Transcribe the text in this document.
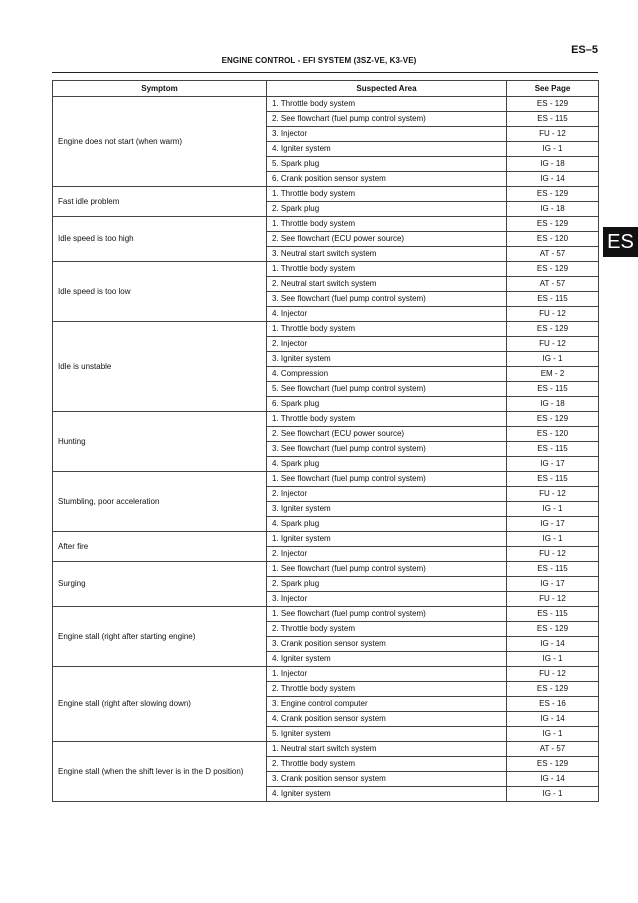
ES–5
ENGINE CONTROL - EFI SYSTEM (3SZ-VE, K3-VE)
ES
Symptom	Suspected Area	See Page
Engine does not start (when warm)	1. Throttle body system	ES - 129
	2. See flowchart (fuel pump control system)	ES - 115
	3. Injector	FU - 12
	4. Igniter system	IG - 1
	5. Spark plug	IG - 18
	6. Crank position sensor system	IG - 14
Fast idle problem	1. Throttle body system	ES - 129
	2. Spark plug	IG - 18
Idle speed is too high	1. Throttle body system	ES - 129
	2. See flowchart (ECU power source)	ES - 120
	3. Neutral start switch system	AT - 57
Idle speed is too low	1. Throttle body system	ES - 129
	2. Neutral start switch system	AT - 57
	3. See flowchart (fuel pump control system)	ES - 115
	4. Injector	FU - 12
Idle is unstable	1. Throttle body system	ES - 129
	2. Injector	FU - 12
	3. Igniter system	IG - 1
	4. Compression	EM - 2
	5. See flowchart (fuel pump control system)	ES - 115
	6. Spark plug	IG - 18
Hunting	1. Throttle body system	ES - 129
	2. See flowchart (ECU power source)	ES - 120
	3. See flowchart (fuel pump control system)	ES - 115
	4. Spark plug	IG - 17
Stumbling, poor acceleration	1. See flowchart (fuel pump control system)	ES - 115
	2. Injector	FU - 12
	3. Igniter system	IG - 1
	4. Spark plug	IG - 17
After fire	1. Igniter system	IG - 1
	2. Injector	FU - 12
Surging	1. See flowchart (fuel pump control system)	ES - 115
	2. Spark plug	IG - 17
	3. Injector	FU - 12
Engine stall (right after starting engine)	1. See flowchart (fuel pump control system)	ES - 115
	2. Throttle body system	ES - 129
	3. Crank position sensor system	IG - 14
	4. Igniter system	IG - 1
Engine stall (right after slowing down)	1. Injector	FU - 12
	2. Throttle body system	ES - 129
	3. Engine control computer	ES - 16
	4. Crank position sensor system	IG - 14
	5. Igniter system	IG - 1
Engine stall (when the shift lever is in the D position)	1. Neutral start switch system	AT - 57
	2. Throttle body system	ES - 129
	3. Crank position sensor system	IG - 14
	4. Igniter system	IG - 1
